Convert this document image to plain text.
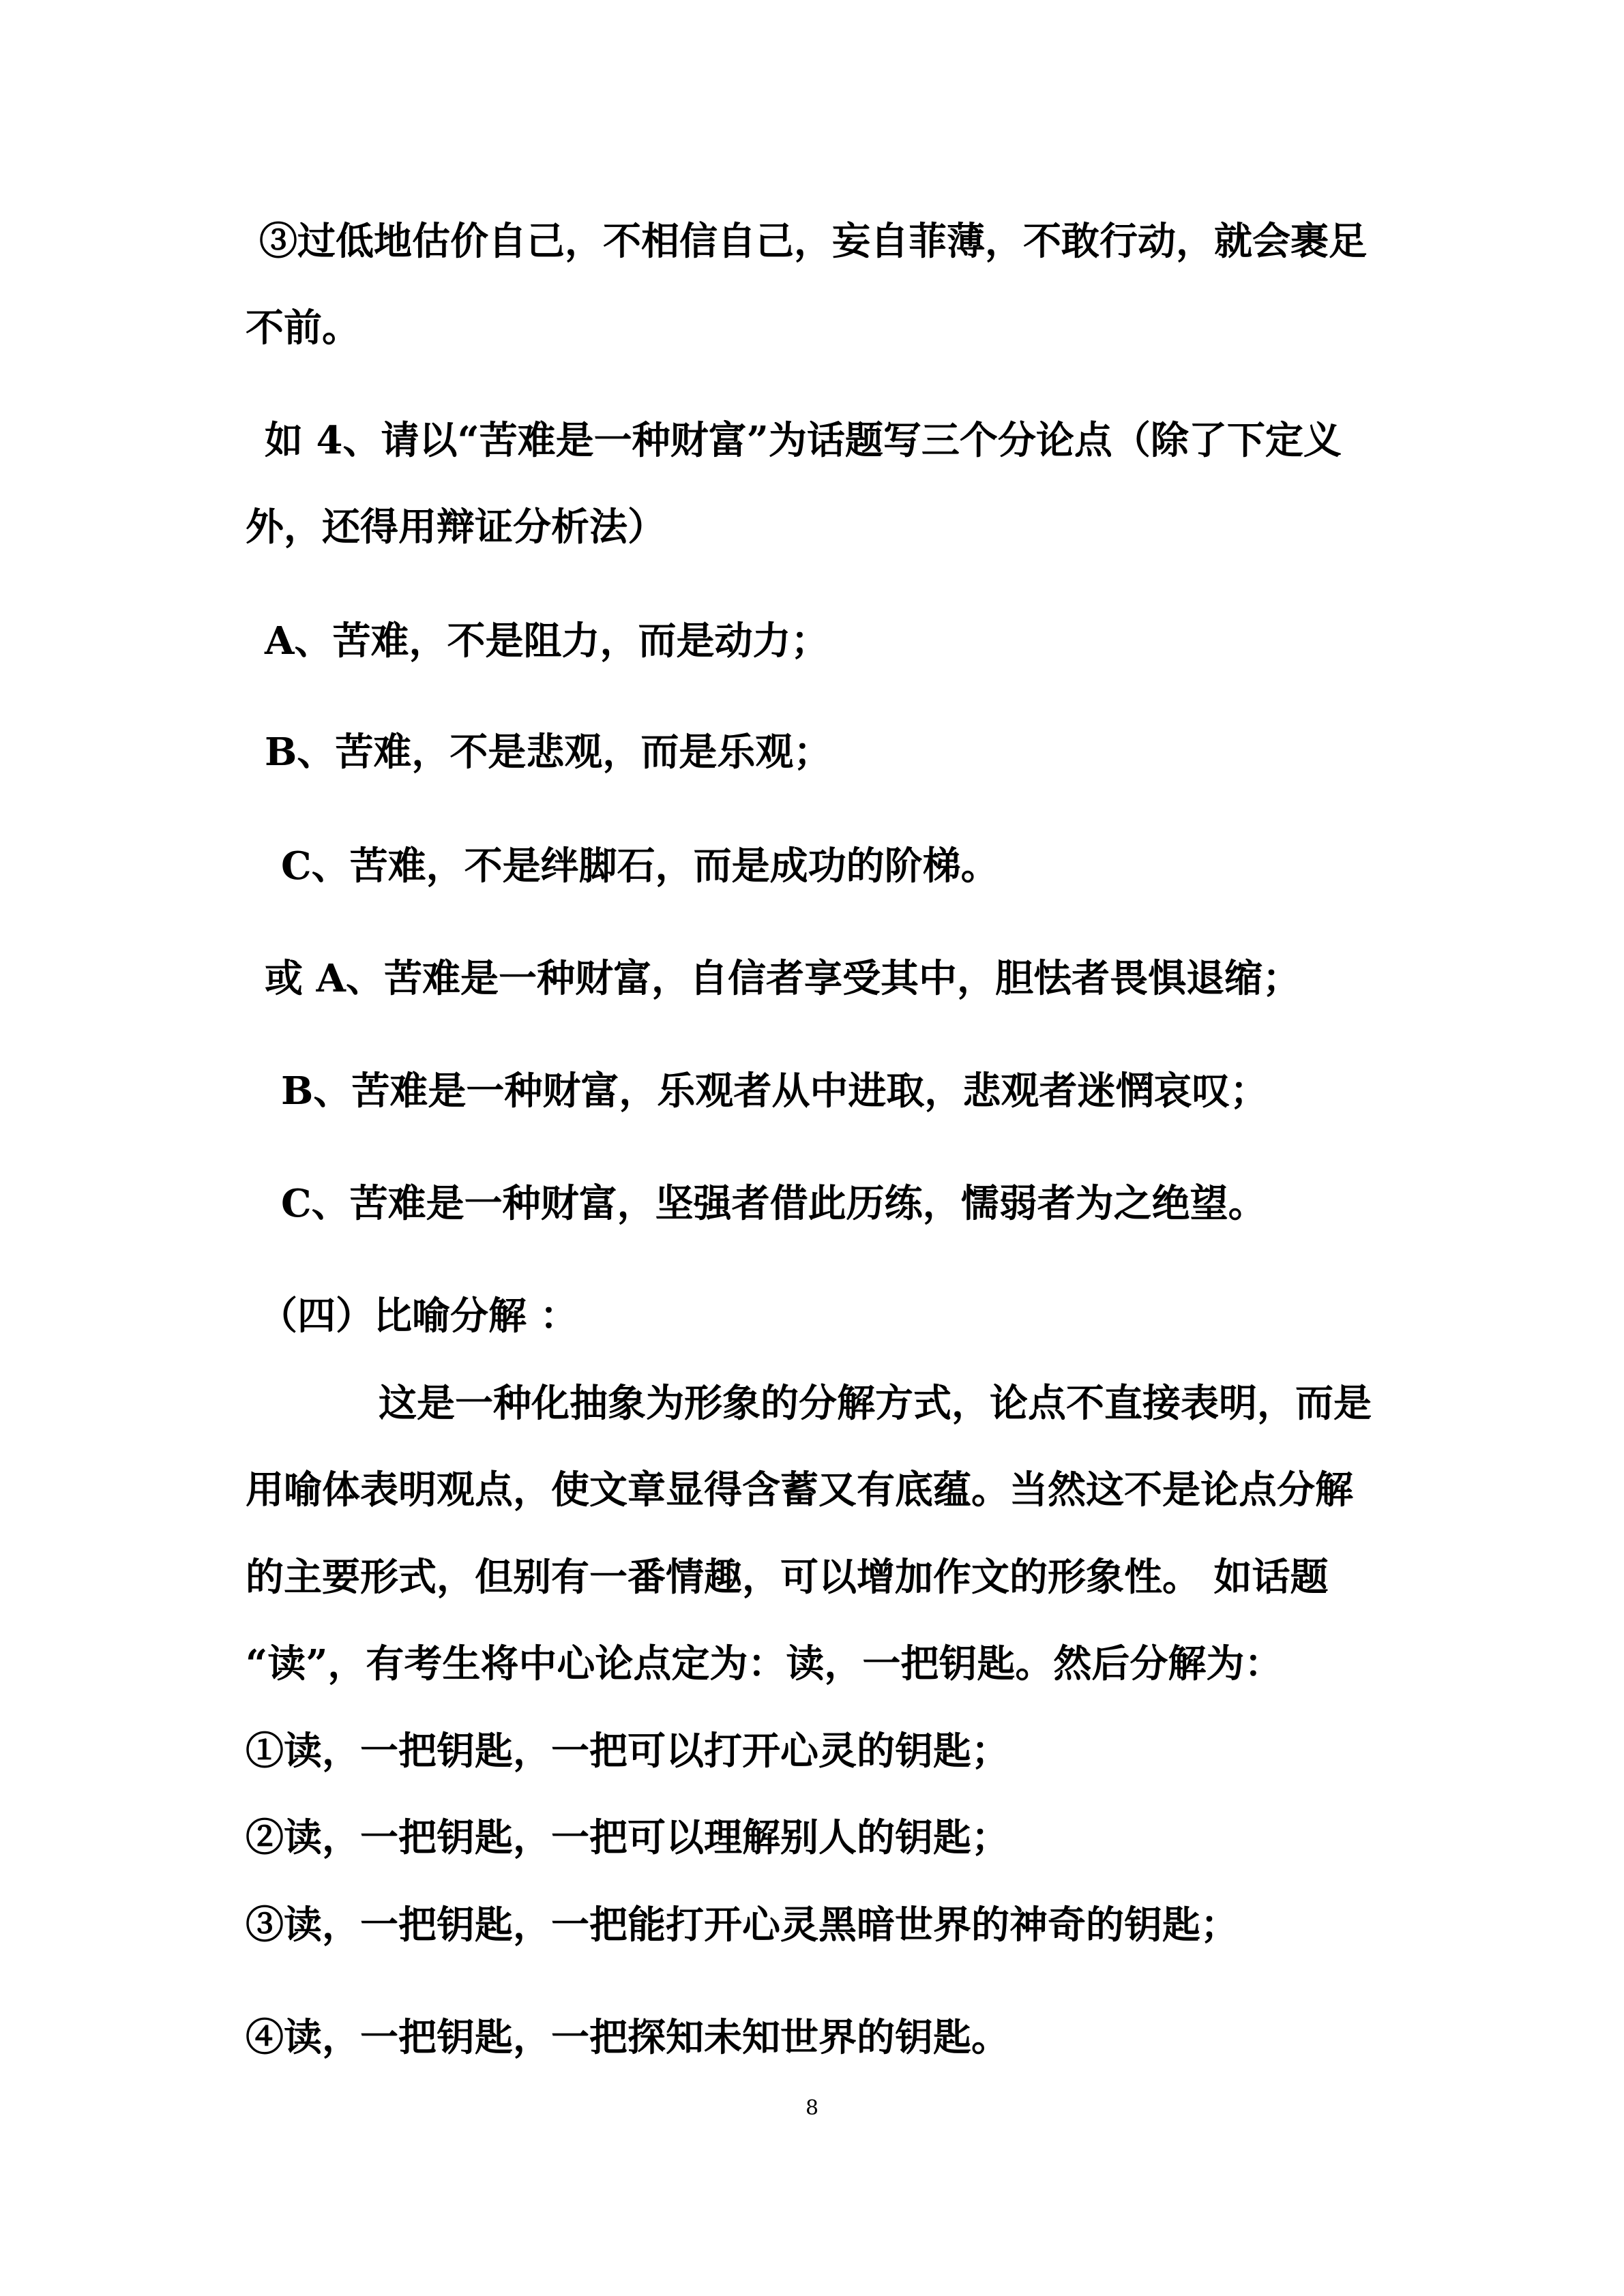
③过低地估价自己，不相信自己，妄自菲薄，不敢行动，就会裹足
不前。
如 4、请以“苦难是一种财富”为话题写三个分论点（除了下定义
外，还得用辩证分析法）
A、苦难，不是阻力，而是动力；
B、苦难，不是悲观，而是乐观；
C、苦难，不是绊脚石，而是成功的阶梯。
或 A、苦难是一种财富，自信者享受其中，胆怯者畏惧退缩；
B、苦难是一种财富，乐观者从中进取，悲观者迷惘哀叹；
C、苦难是一种财富，坚强者借此历练，懦弱者为之绝望。
（四）比喻分解 ：
这是一种化抽象为形象的分解方式，论点不直接表明，而是
用喻体表明观点，使文章显得含蓄又有底蕴。当然这不是论点分解
的主要形式，但别有一番情趣，可以增加作文的形象性。 如话题
“读”，有考生将中心论点定为：读，一把钥匙。然后分解为：
①读，一把钥匙，一把可以打开心灵的钥匙；
②读，一把钥匙，一把可以理解别人的钥匙；
③读，一把钥匙，一把能打开心灵黑暗世界的神奇的钥匙；
④读，一把钥匙，一把探知未知世界的钥匙。
8
